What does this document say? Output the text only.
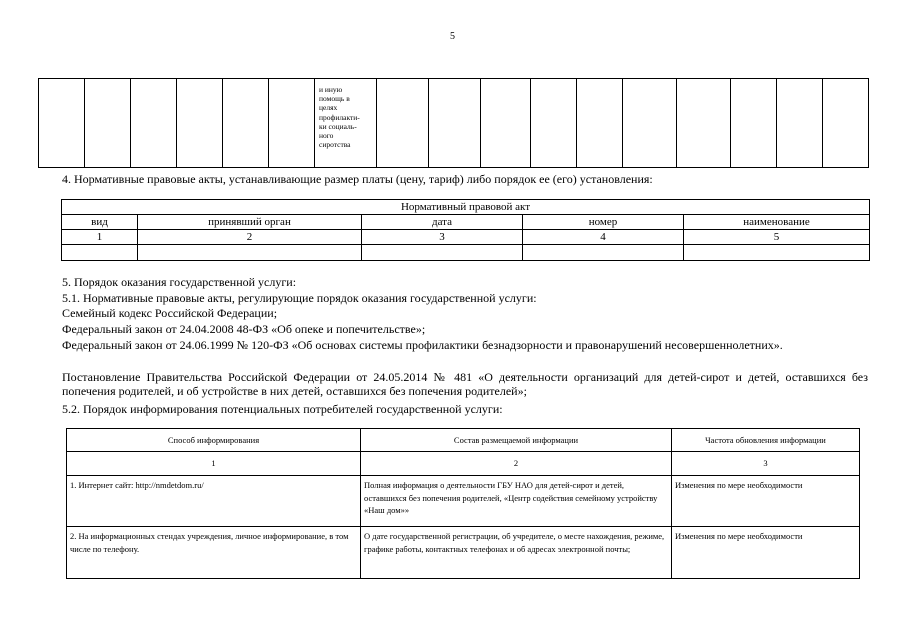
5

и иную
помощь в
целях
профилакти-
ки социаль-
ного
сиротства

4. Нормативные правовые акты, устанавливающие размер платы (цену, тариф) либо порядок ее (его) установления:
Нормативный правовой акт				
вид	принявший орган	дата	номер	наименование
1	2	3	4	5

5. Порядок оказания государственной услуги:
5.1. Нормативные правовые акты, регулирующие порядок оказания государственной услуги:
Семейный кодекс Российской Федерации;
Федеральный закон от 24.04.2008 48-ФЗ «Об опеке и попечительстве»;
Федеральный закон от 24.06.1999 № 120-ФЗ «Об основах системы профилактики безнадзорности и правонарушений несовершеннолетних».
Постановление Правительства Российской Федерации от 24.05.2014 № 481 «О деятельности организаций для детей-сирот и детей, оставшихся без попечения родителей, и об устройстве в них детей, оставшихся без попечения родителей»;
5.2. Порядок информирования потенциальных потребителей государственной услуги:
Способ информирования	Состав размещаемой информации	Частота обновления информации
1	2	3
1. Интернет сайт: http://nmdetdom.ru/	Полная информация о деятельности ГБУ НАО для детей-сирот и детей, оставшихся без попечения родителей, «Центр содействия семейному устройству «Наш дом»»	Изменения по мере необходимости
2. На информационных стендах учреждения, личное информирование, в том числе по телефону.	О дате государственной регистрации, об учредителе, о месте нахождения, режиме, графике работы, контактных телефонах и об адресах электронной почты;	Изменения по мере необходимости
